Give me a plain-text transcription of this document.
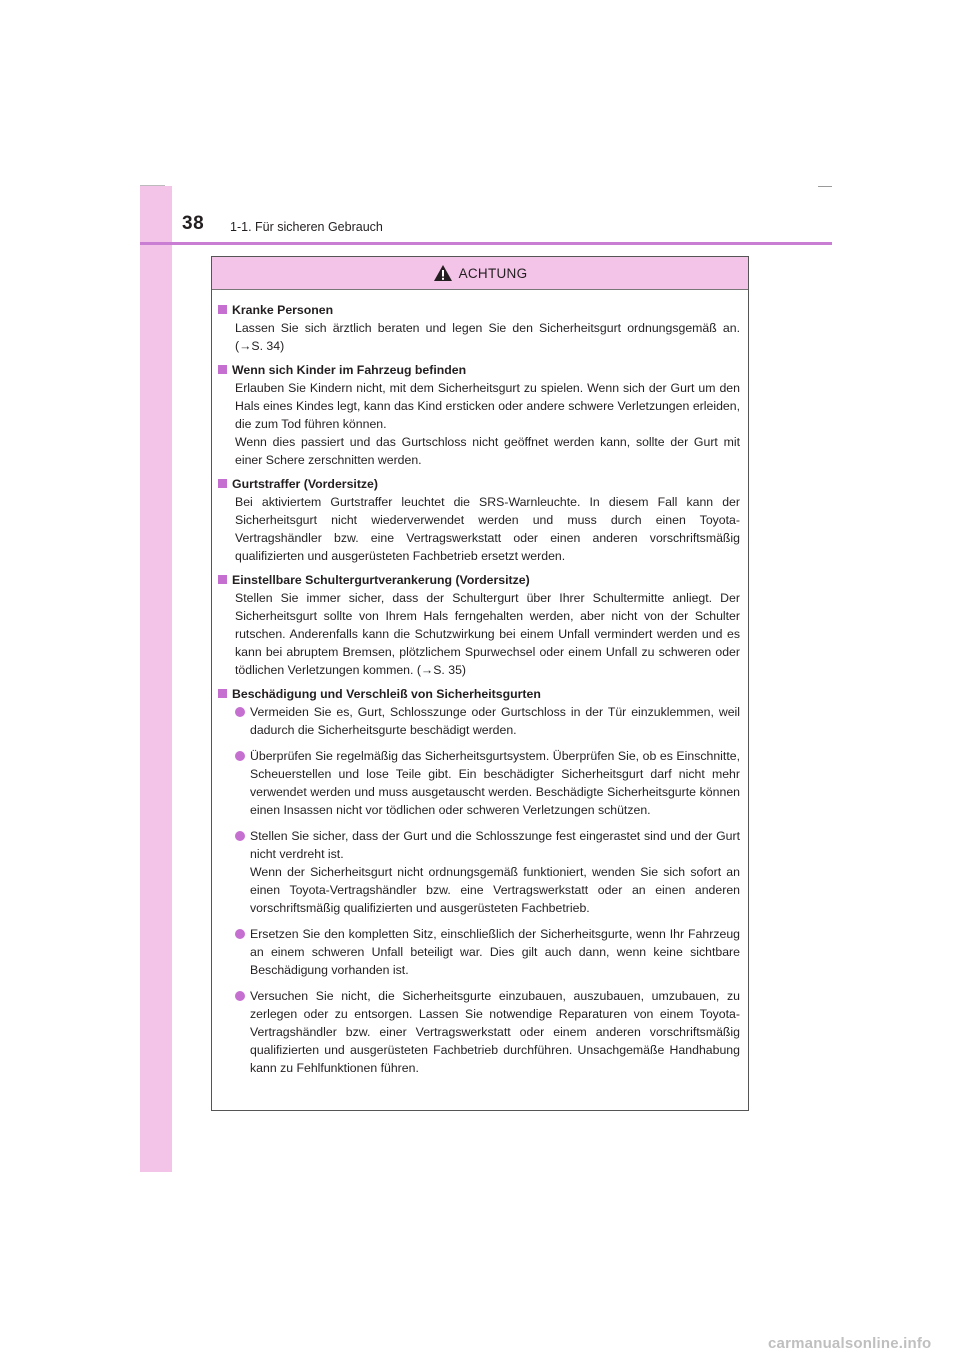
38 1-1. Für sicheren Gebrauch
ACHTUNG
Kranke Personen

Lassen Sie sich ärztlich beraten und legen Sie den Sicherheitsgurt ordnungsgemäß an. (→S. 34)

Wenn sich Kinder im Fahrzeug befinden

Erlauben Sie Kindern nicht, mit dem Sicherheitsgurt zu spielen. Wenn sich der Gurt um den Hals eines Kindes legt, kann das Kind ersticken oder andere schwere Verletzungen erleiden, die zum Tod führen können.

Wenn dies passiert und das Gurtschloss nicht geöffnet werden kann, sollte der Gurt mit einer Schere zerschnitten werden.

Gurtstraffer (Vordersitze)

Bei aktiviertem Gurtstraffer leuchtet die SRS-Warnleuchte. In diesem Fall kann der Sicherheitsgurt nicht wiederverwendet werden und muss durch einen Toyota-Vertragshändler bzw. eine Vertragswerkstatt oder einen anderen vorschriftsmäßig qualifizierten und ausgerüsteten Fachbetrieb ersetzt werden.

Einstellbare Schultergurtverankerung (Vordersitze)

Stellen Sie immer sicher, dass der Schultergurt über Ihrer Schultermitte anliegt. Der Sicherheitsgurt sollte von Ihrem Hals ferngehalten werden, aber nicht von der Schulter rutschen. Anderenfalls kann die Schutzwirkung bei einem Unfall vermindert werden und es kann bei abruptem Bremsen, plötzlichem Spurwechsel oder einem Unfall zu schweren oder tödlichen Verletzungen kommen. (→S. 35)

Beschädigung und Verschleiß von Sicherheitsgurten

Vermeiden Sie es, Gurt, Schlosszunge oder Gurtschloss in der Tür einzuklemmen, weil dadurch die Sicherheitsgurte beschädigt werden.

Überprüfen Sie regelmäßig das Sicherheitsgurtsystem. Überprüfen Sie, ob es Einschnitte, Scheuerstellen und lose Teile gibt. Ein beschädigter Sicherheitsgurt darf nicht mehr verwendet werden und muss ausgetauscht werden. Beschädigte Sicherheitsgurte können einen Insassen nicht vor tödlichen oder schweren Verletzungen schützen.

Stellen Sie sicher, dass der Gurt und die Schlosszunge fest eingerastet sind und der Gurt nicht verdreht ist.

Wenn der Sicherheitsgurt nicht ordnungsgemäß funktioniert, wenden Sie sich sofort an einen Toyota-Vertragshändler bzw. eine Vertragswerkstatt oder an einen anderen vorschriftsmäßig qualifizierten und ausgerüsteten Fachbetrieb.

Ersetzen Sie den kompletten Sitz, einschließlich der Sicherheitsgurte, wenn Ihr Fahrzeug an einem schweren Unfall beteiligt war. Dies gilt auch dann, wenn keine sichtbare Beschädigung vorhanden ist.

Versuchen Sie nicht, die Sicherheitsgurte einzubauen, auszubauen, umzubauen, zu zerlegen oder zu entsorgen. Lassen Sie notwendige Reparaturen von einem Toyota-Vertragshändler bzw. einer Vertragswerkstatt oder einem anderen vorschriftsmäßig qualifizierten und ausgerüsteten Fachbetrieb durchführen. Unsachgemäße Handhabung kann zu Fehlfunktionen führen.

carmanualsonline.info
